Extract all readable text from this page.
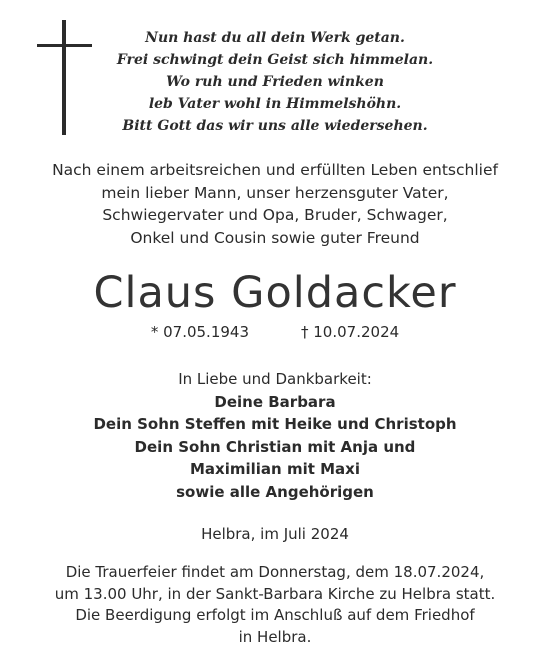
Nun hast du all dein Werk getan.
Frei schwingt dein Geist sich himmelan.
Wo ruh und Frieden winken
leb Vater wohl in Himmelshöhn.
Bitt Gott das wir uns alle wiedersehen.
Nach einem arbeitsreichen und erfüllten Leben entschlief
mein lieber Mann, unser herzensguter Vater,
Schwiegervater und Opa, Bruder, Schwager,
Onkel und Cousin sowie guter Freund
Claus Goldacker
* 07.05.1943	† 10.07.2024
In Liebe und Dankbarkeit:
Deine Barbara
Dein Sohn Steffen mit Heike und Christoph
Dein Sohn Christian mit Anja und
Maximilian mit Maxi
sowie alle Angehörigen
Helbra, im Juli 2024
Die Trauerfeier findet am Donnerstag, dem 18.07.2024,
um 13.00 Uhr, in der Sankt-Barbara Kirche zu Helbra statt.
Die Beerdigung erfolgt im Anschluß auf dem Friedhof
in Helbra.
